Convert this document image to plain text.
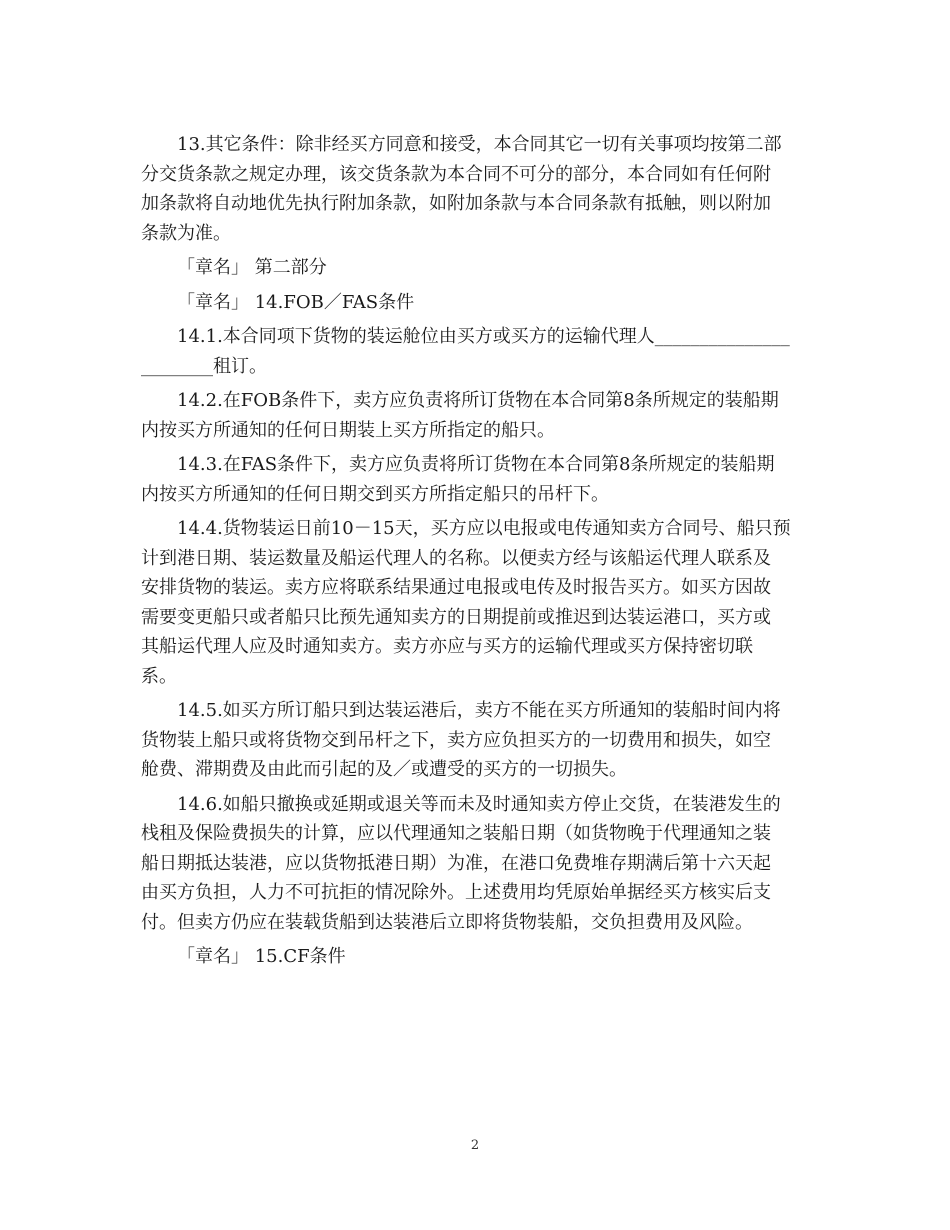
13.其它条件：除非经买方同意和接受，本合同其它一切有关事项均按第二部
分交货条款之规定办理，该交货条款为本合同不可分的部分，本合同如有任何附
加条款将自动地优先执行附加条款，如附加条款与本合同条款有抵触，则以附加
条款为准。
「章名」 第二部分
「章名」 14.FOB／FAS条件
14.1.本合同项下货物的装运舱位由买方或买方的运输代理人_______________
________租订。
14.2.在FOB条件下，卖方应负责将所订货物在本合同第8条所规定的装船期
内按买方所通知的任何日期装上买方所指定的船只。
14.3.在FAS条件下，卖方应负责将所订货物在本合同第8条所规定的装船期
内按买方所通知的任何日期交到买方所指定船只的吊杆下。
14.4.货物装运日前10－15天，买方应以电报或电传通知卖方合同号、船只预
计到港日期、装运数量及船运代理人的名称。以便卖方经与该船运代理人联系及
安排货物的装运。卖方应将联系结果通过电报或电传及时报告买方。如买方因故
需要变更船只或者船只比预先通知卖方的日期提前或推迟到达装运港口，买方或
其船运代理人应及时通知卖方。卖方亦应与买方的运输代理或买方保持密切联
系。
14.5.如买方所订船只到达装运港后，卖方不能在买方所通知的装船时间内将
货物装上船只或将货物交到吊杆之下，卖方应负担买方的一切费用和损失，如空
舱费、滞期费及由此而引起的及／或遭受的买方的一切损失。
14.6.如船只撤换或延期或退关等而未及时通知卖方停止交货，在装港发生的
栈租及保险费损失的计算，应以代理通知之装船日期（如货物晚于代理通知之装
船日期抵达装港，应以货物抵港日期）为准，在港口免费堆存期满后第十六天起
由买方负担，人力不可抗拒的情况除外。上述费用均凭原始单据经买方核实后支
付。但卖方仍应在装载货船到达装港后立即将货物装船，交负担费用及风险。
「章名」 15.CF条件
2
